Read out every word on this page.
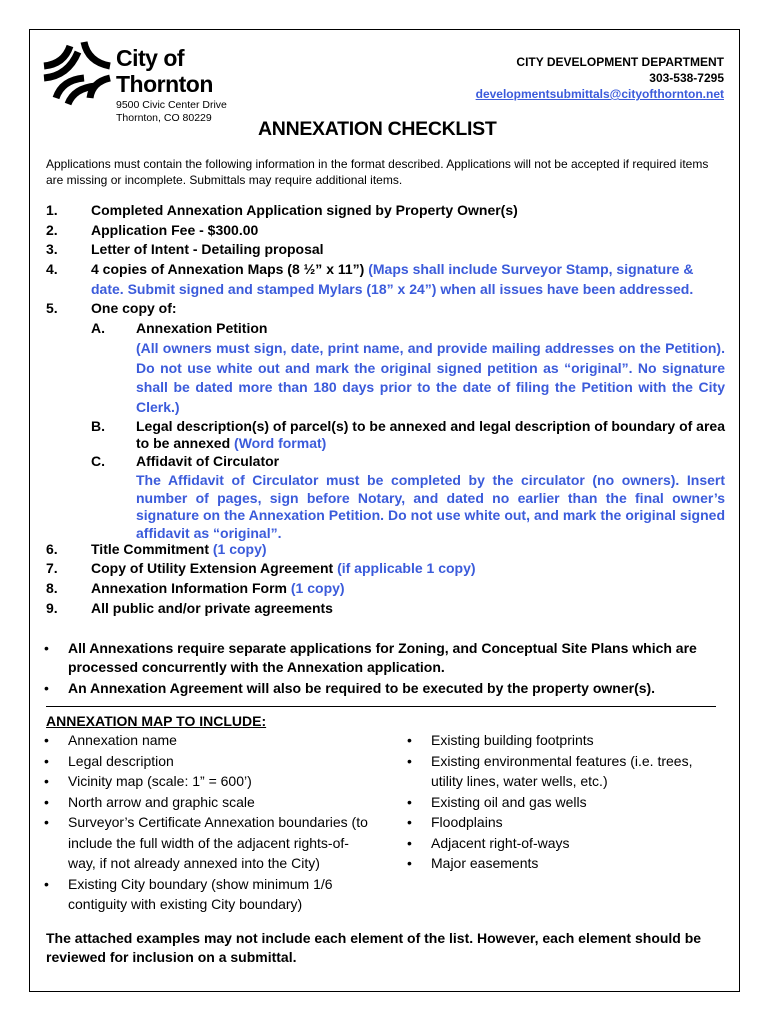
City of
Thornton
9500 Civic Center Drive
Thornton, CO 80229
CITY DEVELOPMENT DEPARTMENT
303-538-7295
developmentsubmittals@cityofthornton.net
ANNEXATION CHECKLIST
Applications must contain the following information in the format described. Applications will not be accepted if required items are missing or incomplete. Submittals may require additional items.
1. Completed Annexation Application signed by Property Owner(s)
2. Application Fee - $300.00
3. Letter of Intent - Detailing proposal
4. 4 copies of Annexation Maps (8 ½” x 11”) (Maps shall include Surveyor Stamp, signature &
date. Submit signed and stamped Mylars (18” x 24”) when all issues have been addressed.
5. One copy of:
A. Annexation Petition
(All owners must sign, date, print name, and provide mailing addresses on the Petition). Do not use white out and mark the original signed petition as “original”. No signature shall be dated more than 180 days prior to the date of filing the Petition with the City Clerk.)
B. Legal description(s) of parcel(s) to be annexed and legal description of boundary of area to be annexed (Word format)
C. Affidavit of Circulator
The Affidavit of Circulator must be completed by the circulator (no owners). Insert number of pages, sign before Notary, and dated no earlier than the final owner’s signature on the Annexation Petition. Do not use white out, and mark the original signed affidavit as “original”.
6. Title Commitment (1 copy)
7. Copy of Utility Extension Agreement (if applicable 1 copy)
8. Annexation Information Form (1 copy)
9. All public and/or private agreements
• All Annexations require separate applications for Zoning, and Conceptual Site Plans which are processed concurrently with the Annexation application.
• An Annexation Agreement will also be required to be executed by the property owner(s).
ANNEXATION MAP TO INCLUDE:
• Annexation name
• Legal description
• Vicinity map (scale: 1” = 600’)
• North arrow and graphic scale
• Surveyor’s Certificate Annexation boundaries (to include the full width of the adjacent rights-of-way, if not already annexed into the City)
• Existing City boundary (show minimum 1/6 contiguity with existing City boundary)
• Existing building footprints
• Existing environmental features (i.e. trees, utility lines, water wells, etc.)
• Existing oil and gas wells
• Floodplains
• Adjacent right-of-ways
• Major easements
The attached examples may not include each element of the list. However, each element should be reviewed for inclusion on a submittal.
